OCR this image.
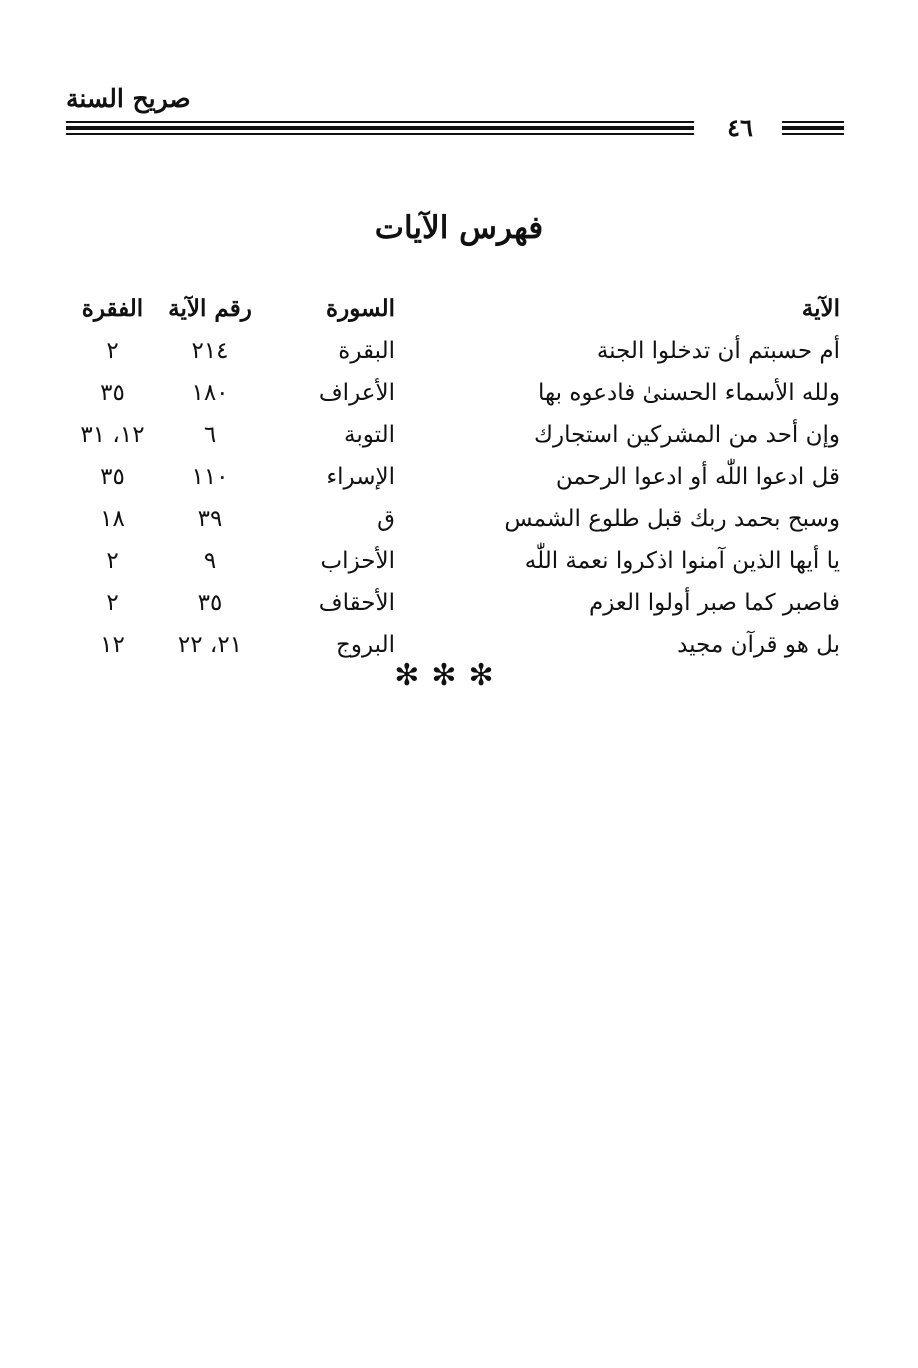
صريح السنة
٤٦
فهرس الآيات
الآية
السورة
رقم الآية
الفقرة
أم حسبتم أن تدخلوا الجنة
البقرة
٢١٤
٢
ولله الأسماء الحسنىٰ فادعوه بها
الأعراف
١٨٠
٣٥
وإن أحد من المشركين استجارك
التوبة
٦
١٢، ٣١
قل ادعوا اللّٰه أو ادعوا الرحمن
الإسراء
١١٠
٣٥
وسبح بحمد ربك قبل طلوع الشمس
ق
٣٩
١٨
يا أيها الذين آمنوا اذكروا نعمة اللّٰه
الأحزاب
٩
٢
فاصبر كما صبر أولوا العزم
الأحقاف
٣٥
٢
بل هو قرآن مجيد
البروج
٢١، ٢٢
١٢
✻✻✻
